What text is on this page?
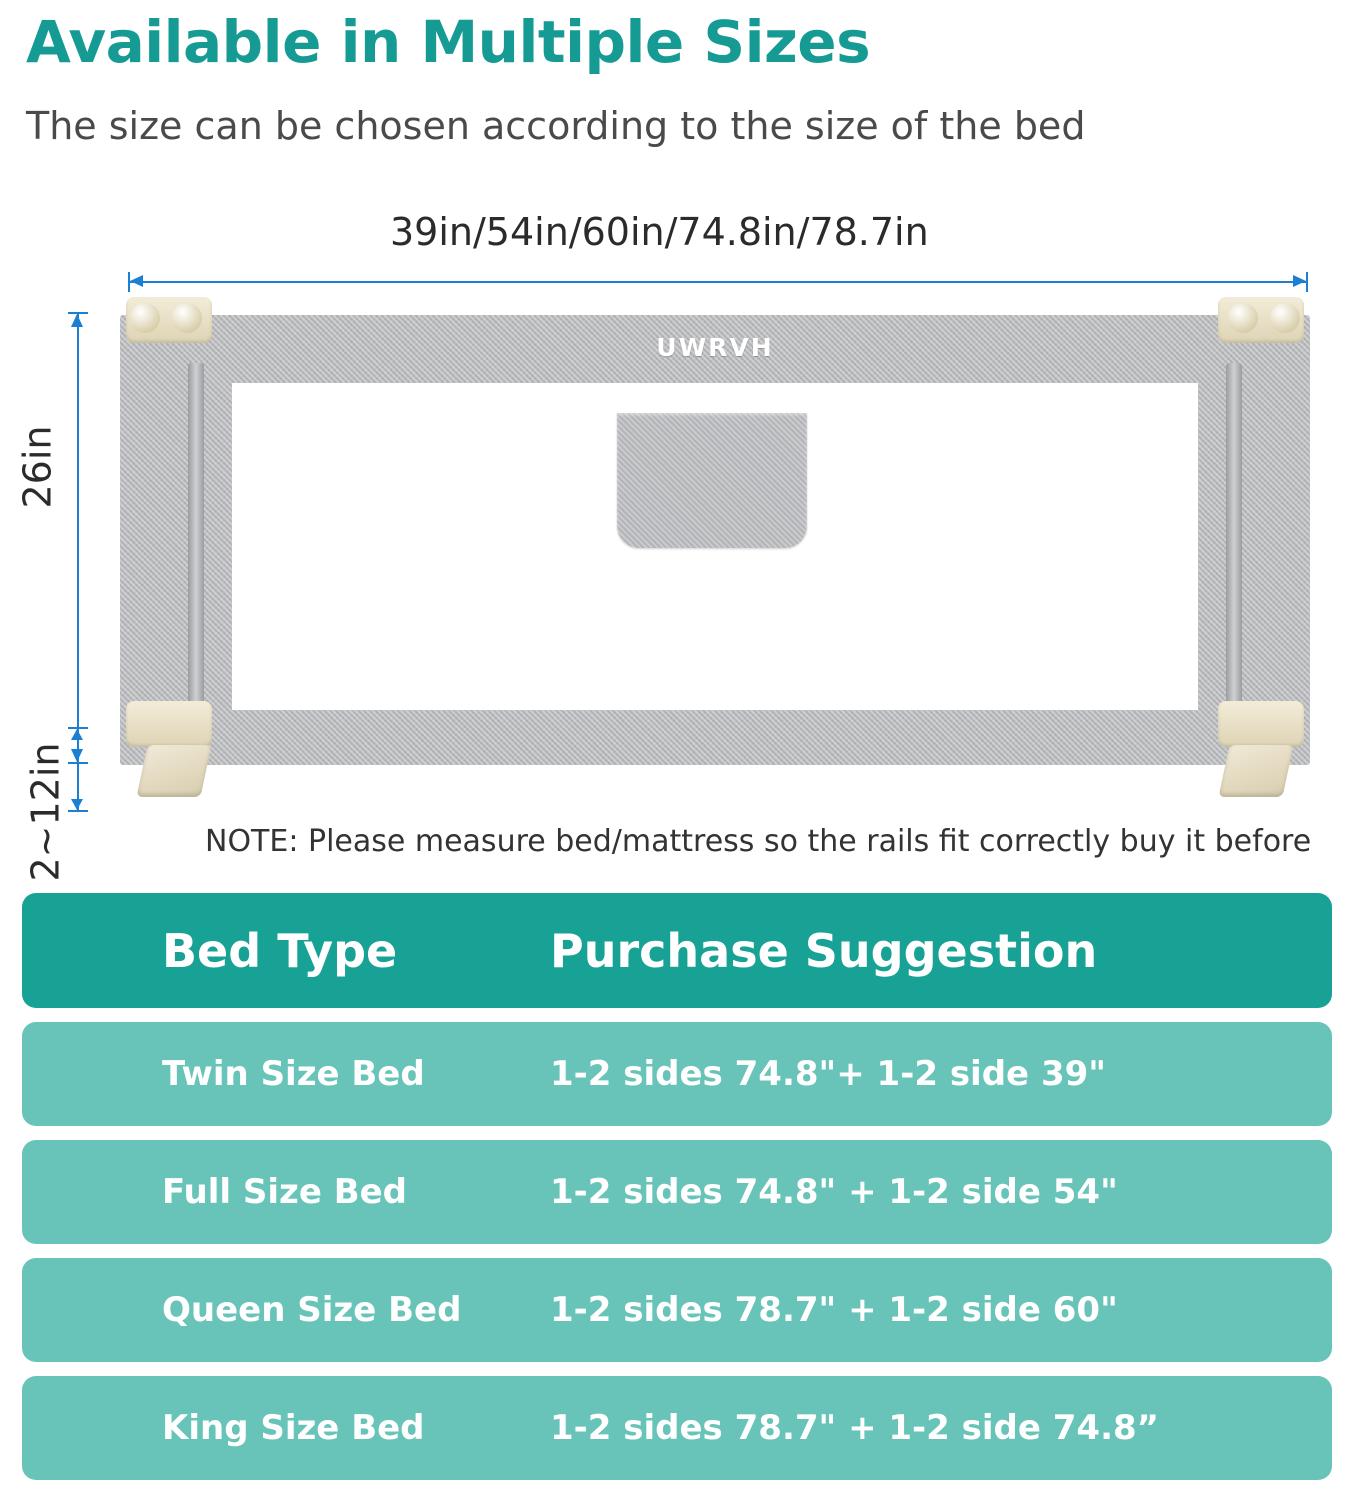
Available in Multiple Sizes
The size can be chosen according to the size of the bed
39in/54in/60in/74.8in/78.7in
26in
2~12in
UWRVH
NOTE: Please measure bed/mattress so the rails fit correctly buy it before
Bed Type	Purchase Suggestion
Twin Size Bed	1-2 sides 74.8"+ 1-2 side 39"
Full Size Bed	1-2 sides 74.8" + 1-2 side 54"
Queen Size Bed	1-2 sides 78.7" + 1-2 side 60"
King Size Bed	1-2 sides 78.7" + 1-2 side 74.8”
